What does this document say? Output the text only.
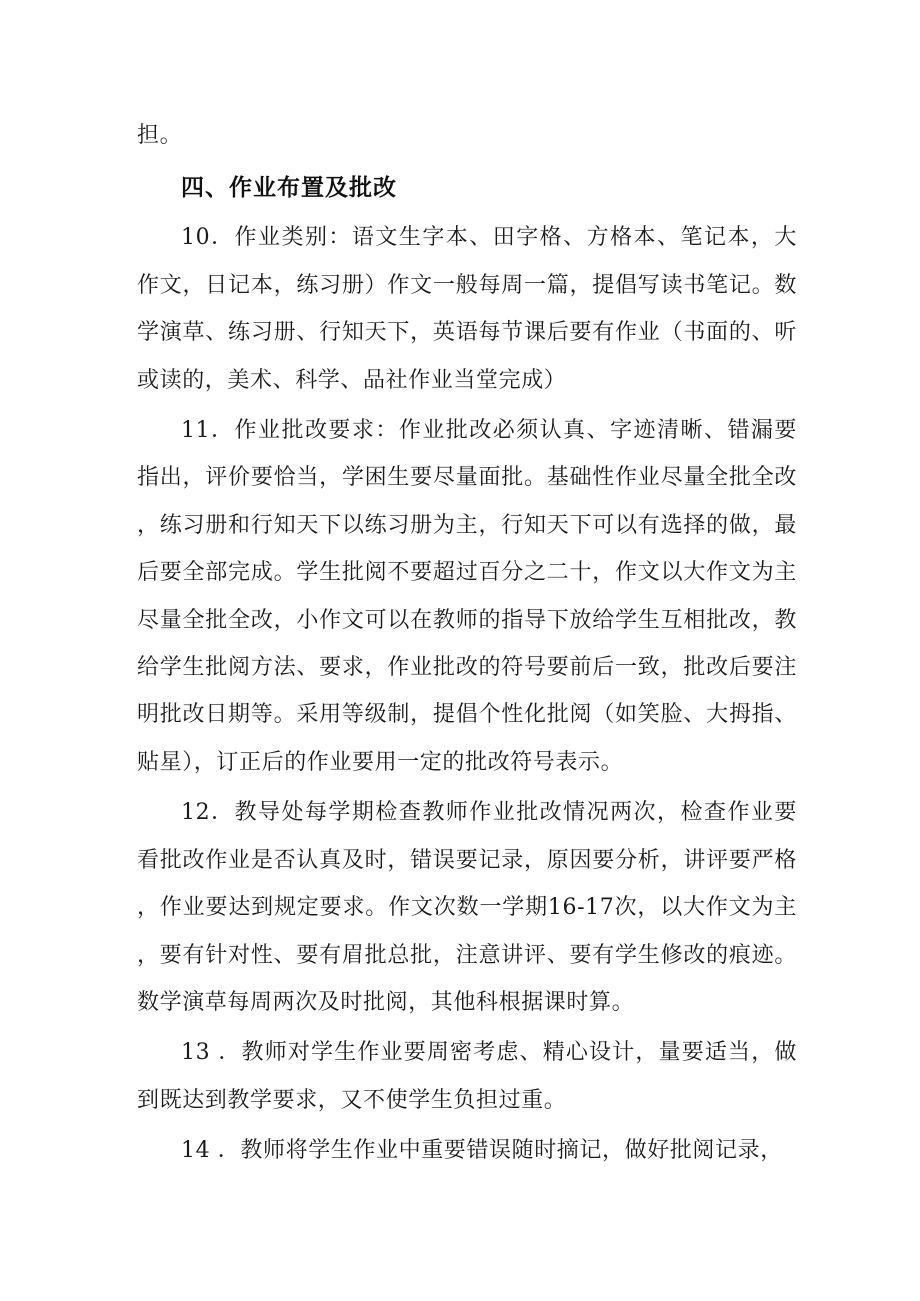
担。

四、作业布置及批改

10．作业类别：语文生字本、田字格、方格本、笔记本，大作文，日记本，练习册）作文一般每周一篇，提倡写读书笔记。数学演草、练习册、行知天下，英语每节课后要有作业（书面的、听或读的，美术、科学、品社作业当堂完成）

11．作业批改要求：作业批改必须认真、字迹清晰、错漏要指出，评价要恰当，学困生要尽量面批。基础性作业尽量全批全改，练习册和行知天下以练习册为主，行知天下可以有选择的做，最后要全部完成。学生批阅不要超过百分之二十，作文以大作文为主尽量全批全改，小作文可以在教师的指导下放给学生互相批改，教给学生批阅方法、要求，作业批改的符号要前后一致，批改后要注明批改日期等。采用等级制，提倡个性化批阅（如笑脸、大拇指、贴星），订正后的作业要用一定的批改符号表示。

12．教导处每学期检查教师作业批改情况两次，检查作业要看批改作业是否认真及时，错误要记录，原因要分析，讲评要严格，作业要达到规定要求。作文次数一学期16-17次，以大作文为主，要有针对性、要有眉批总批，注意讲评、要有学生修改的痕迹。数学演草每周两次及时批阅，其他科根据课时算。

13 ．教师对学生作业要周密考虑、精心设计，量要适当，做到既达到教学要求，又不使学生负担过重。

14 ．教师将学生作业中重要错误随时摘记，做好批阅记录，
